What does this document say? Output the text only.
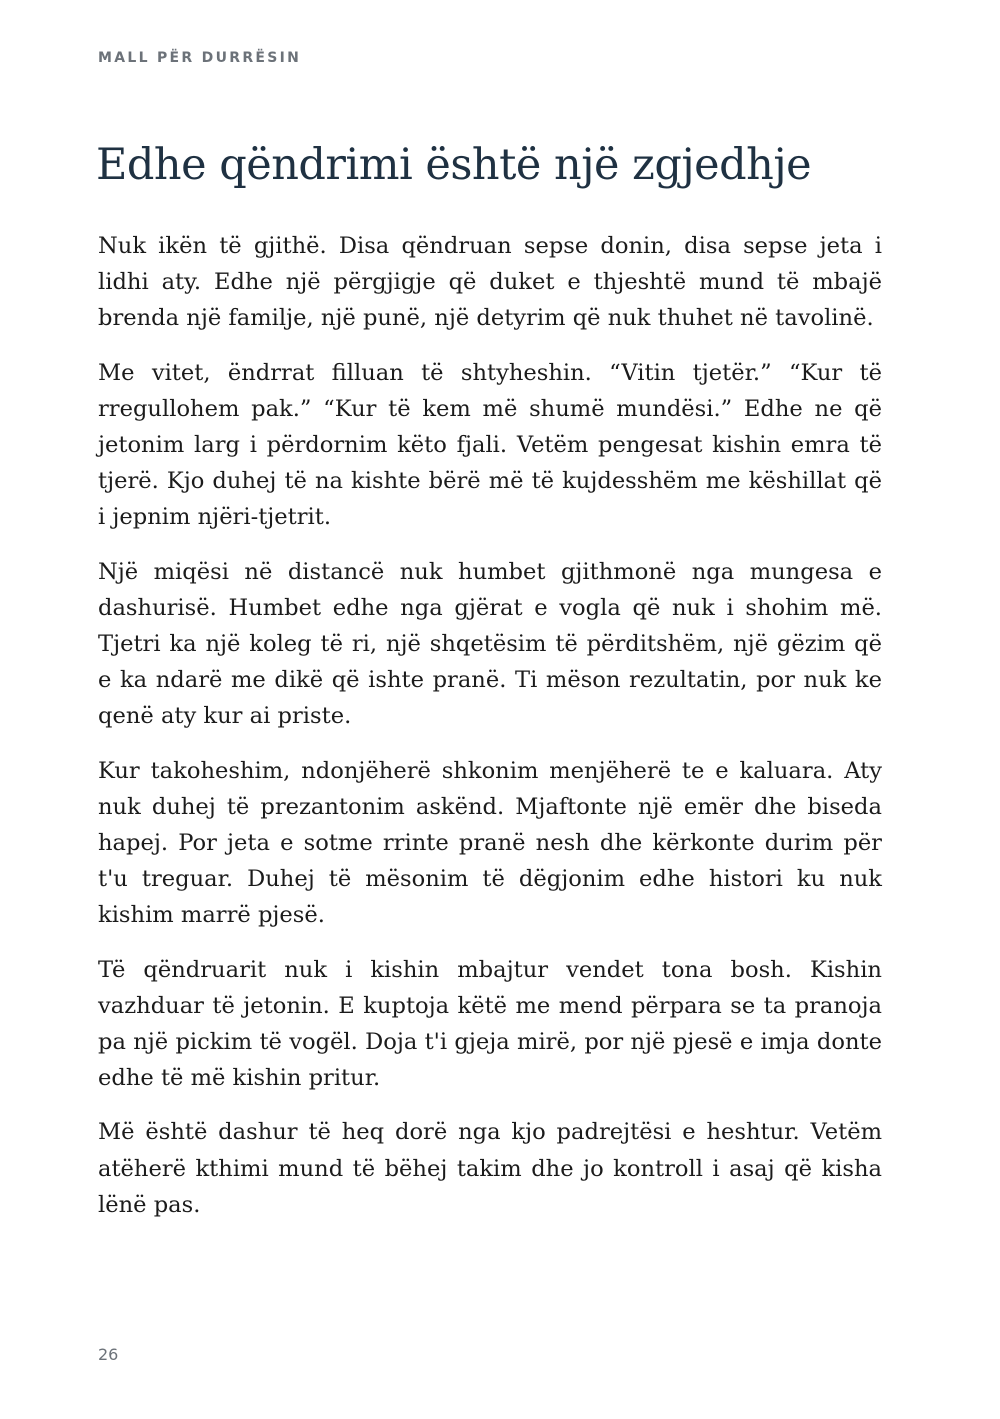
MALL PËR DURRËSIN
Edhe qëndrimi është një zgjedhje

Nuk ikën të gjithë. Disa qëndruan sepse donin, disa sepse jeta i lidhi aty. Edhe një përgjigje që duket e thjeshtë mund të mbajë brenda një familje, një punë, një detyrim që nuk thuhet në tavolinë.

Me vitet, ëndrrat filluan të shtyheshin. “Vitin tjetër.” “Kur të rregullohem pak.” “Kur të kem më shumë mundësi.” Edhe ne që jetonim larg i përdornim këto fjali. Vetëm pengesat kishin emra të tjerë. Kjo duhej të na kishte bërë më të kujdesshëm me këshillat që i jepnim njëri-tjetrit.

Një miqësi në distancë nuk humbet gjithmonë nga mungesa e dashurisë. Humbet edhe nga gjërat e vogla që nuk i shohim më. Tjetri ka një koleg të ri, një shqetësim të përditshëm, një gëzim që e ka ndarë me dikë që ishte pranë. Ti mëson rezultatin, por nuk ke qenë aty kur ai priste.

Kur takoheshim, ndonjëherë shkonim menjëherë te e kaluara. Aty nuk duhej të prezantonim askënd. Mjaftonte një emër dhe biseda hapej. Por jeta e sotme rrinte pranë nesh dhe kërkonte durim për t'u treguar. Duhej të mësonim të dëgjonim edhe histori ku nuk kishim marrë pjesë.

Të qëndruarit nuk i kishin mbajtur vendet tona bosh. Kishin vazhduar të jetonin. E kuptoja këtë me mend përpara se ta pranoja pa një pickim të vogël. Doja t'i gjeja mirë, por një pjesë e imja donte edhe të më kishin pritur.

Më është dashur të heq dorë nga kjo padrejtësi e heshtur. Vetëm atëherë kthimi mund të bëhej takim dhe jo kontroll i asaj që kisha lënë pas.

26
